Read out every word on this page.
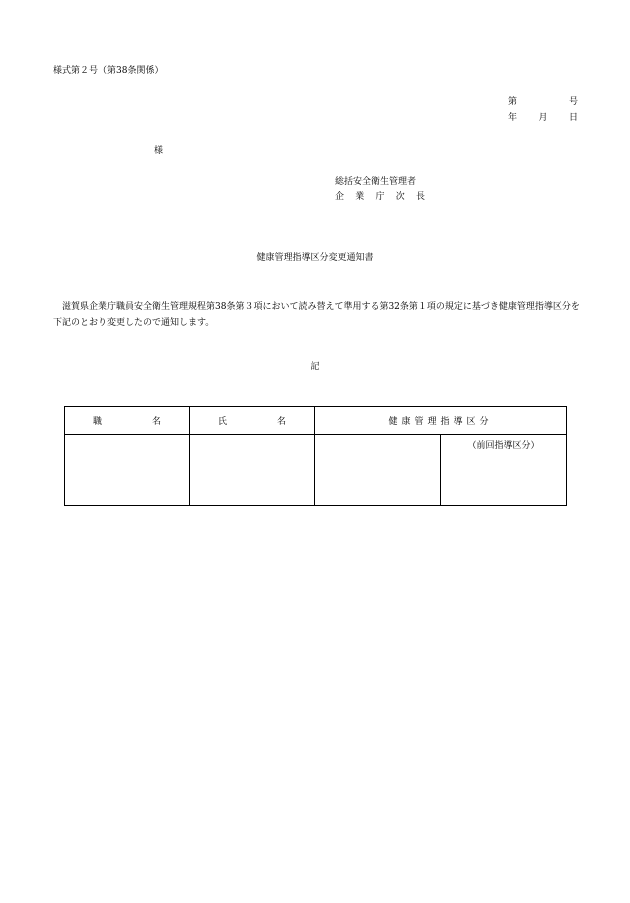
様式第２号（第38条関係）
第	号
年 月 日
様
総括安全衛生管理者
企 業 庁 次 長
健康管理指導区分変更通知書
滋賀県企業庁職員安全衛生管理規程第38条第３項において読み替えて準用する第32条第１項の規定に基づき健康管理指導区分を下記のとおり変更したので通知します。
記
職 名	氏 名	健康管理指導区分	

			（前回指導区分）
